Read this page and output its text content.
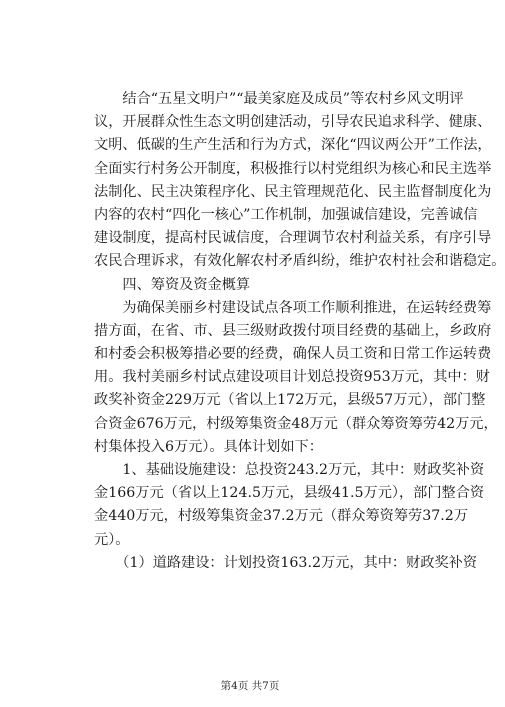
　　结合“五星文明户”“最美家庭及成员”等农村乡风文明评
议，开展群众性生态文明创建活动，引导农民追求科学、健康、
文明、低碳的生产生活和行为方式，深化“四议两公开”工作法，
全面实行村务公开制度，积极推行以村党组织为核心和民主选举
法制化、民主决策程序化、民主管理规范化、民主监督制度化为
内容的农村“四化一核心”工作机制，加强诚信建设，完善诚信
建设制度，提高村民诚信度，合理调节农村利益关系，有序引导
农民合理诉求，有效化解农村矛盾纠纷，维护农村社会和谐稳定。
　　四、筹资及资金概算
　　为确保美丽乡村建设试点各项工作顺利推进，在运转经费筹
措方面，在省、市、县三级财政拨付项目经费的基础上，乡政府
和村委会积极筹措必要的经费，确保人员工资和日常工作运转费
用。我村美丽乡村试点建设项目计划总投资953万元，其中：财
政奖补资金229万元（省以上172万元，县级57万元），部门整
合资金676万元，村级筹集资金48万元（群众筹资筹劳42万元，
村集体投入6万元）。具体计划如下：
　　1、基础设施建设：总投资243.2万元，其中：财政奖补资
金166万元（省以上124.5万元，县级41.5万元），部门整合资
金440万元，村级筹集资金37.2万元（群众筹资筹劳37.2万
元）。
　　（1）道路建设：计划投资163.2万元，其中：财政奖补资
第4页 共7页
